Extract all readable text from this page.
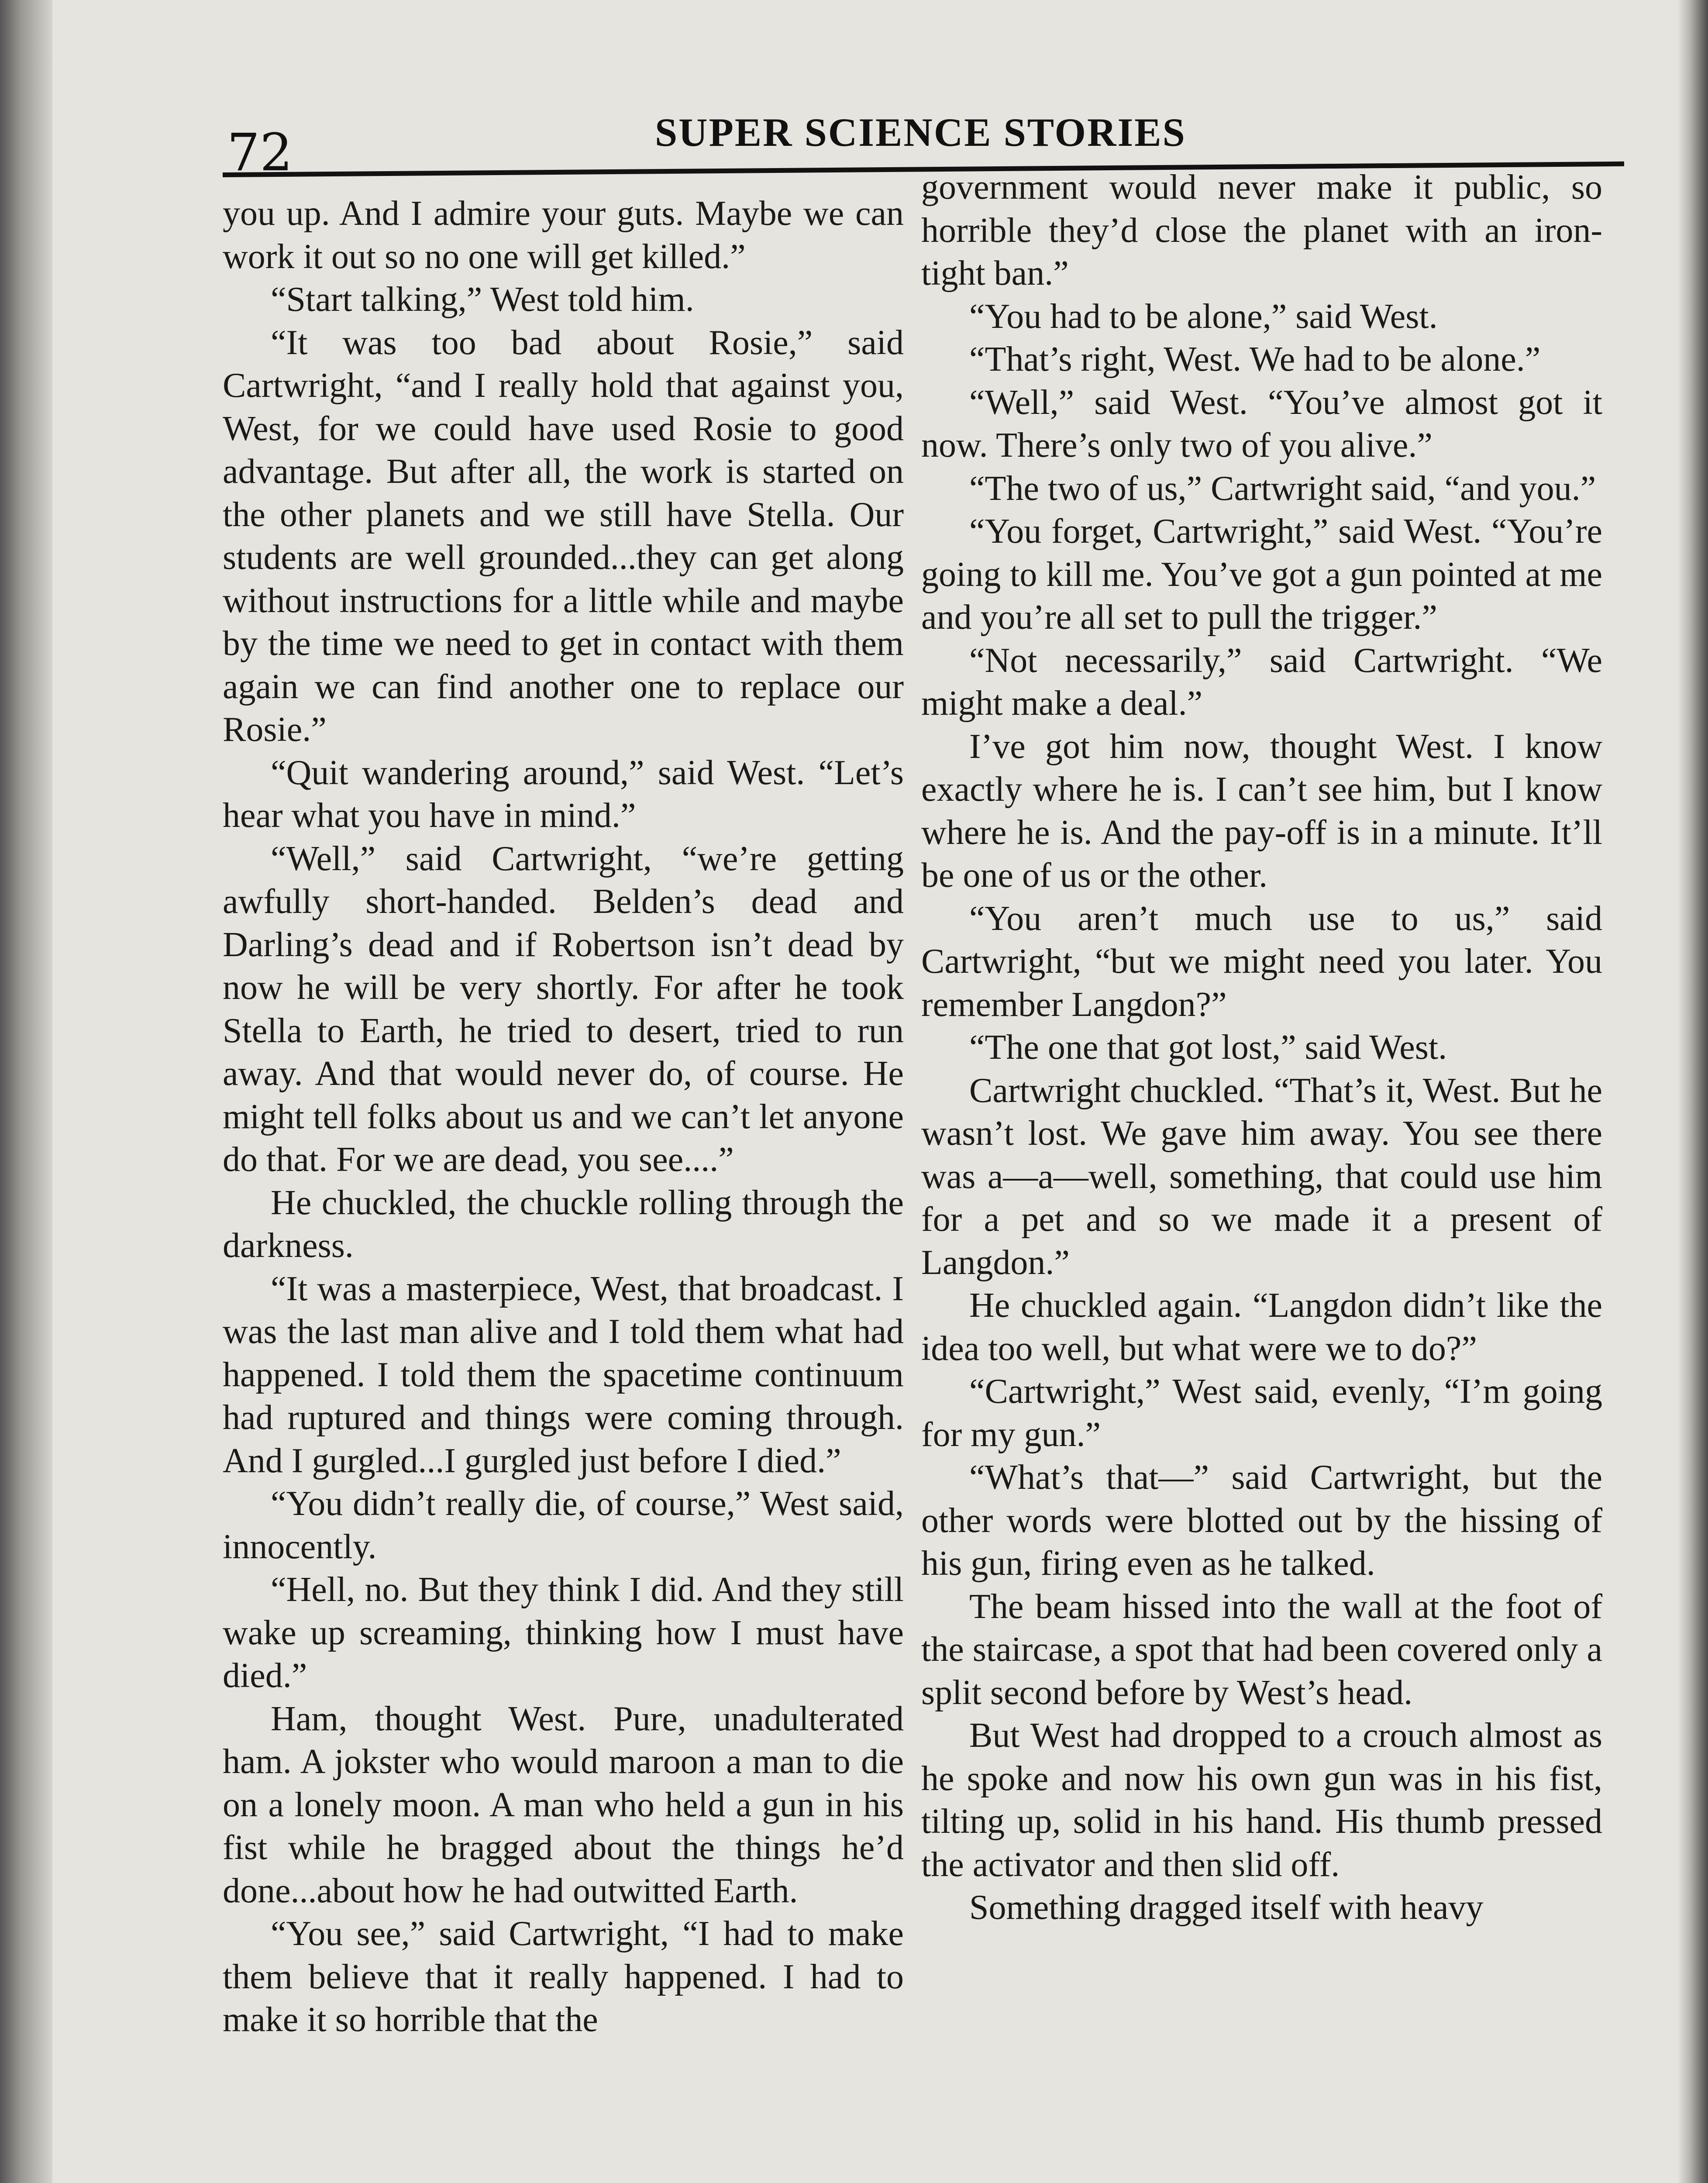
72	SUPER SCIENCE STORIES

you up. And I admire your guts. Maybe we can work it out so no one will get killed.”

“Start talking,” West told him.

“It was too bad about Rosie,” said Cartwright, “and I really hold that against you, West, for we could have used Rosie to good advantage. But after all, the work is started on the other planets and we still have Stella. Our students are well grounded...they can get along without instructions for a little while and maybe by the time we need to get in contact with them again we can find another one to replace our Rosie.”

“Quit wandering around,” said West. “Let’s hear what you have in mind.”

“Well,” said Cartwright, “we’re getting awfully short-handed. Belden’s dead and Darling’s dead and if Robertson isn’t dead by now he will be very shortly. For after he took Stella to Earth, he tried to desert, tried to run away. And that would never do, of course. He might tell folks about us and we can’t let anyone do that. For we are dead, you see....”

He chuckled, the chuckle rolling through the darkness.

“It was a masterpiece, West, that broadcast. I was the last man alive and I told them what had happened. I told them the spacetime continuum had ruptured and things were coming through. And I gurgled...I gurgled just before I died.”

“You didn’t really die, of course,” West said, innocently.

“Hell, no. But they think I did. And they still wake up screaming, thinking how I must have died.”

Ham, thought West. Pure, unadulterated ham. A jokster who would maroon a man to die on a lonely moon. A man who held a gun in his fist while he bragged about the things he’d done...about how he had outwitted Earth.

“You see,” said Cartwright, “I had to make them believe that it really happened. I had to make it so horrible that the

government would never make it public, so horrible they’d close the planet with an iron-tight ban.”

“You had to be alone,” said West.

“That’s right, West. We had to be alone.”

“Well,” said West. “You’ve almost got it now. There’s only two of you alive.”

“The two of us,” Cartwright said, “and you.”

“You forget, Cartwright,” said West. “You’re going to kill me. You’ve got a gun pointed at me and you’re all set to pull the trigger.”

“Not necessarily,” said Cartwright. “We might make a deal.”

I’ve got him now, thought West. I know exactly where he is. I can’t see him, but I know where he is. And the pay-off is in a minute. It’ll be one of us or the other.

“You aren’t much use to us,” said Cartwright, “but we might need you later. You remember Langdon?”

“The one that got lost,” said West.

Cartwright chuckled. “That’s it, West. But he wasn’t lost. We gave him away. You see there was a—a—well, something, that could use him for a pet and so we made it a present of Langdon.”

He chuckled again. “Langdon didn’t like the idea too well, but what were we to do?”

“Cartwright,” West said, evenly, “I’m going for my gun.”

“What’s that—” said Cartwright, but the other words were blotted out by the hissing of his gun, firing even as he talked.

The beam hissed into the wall at the foot of the staircase, a spot that had been covered only a split second before by West’s head.

But West had dropped to a crouch almost as he spoke and now his own gun was in his fist, tilting up, solid in his hand. His thumb pressed the activator and then slid off.

Something dragged itself with heavy
